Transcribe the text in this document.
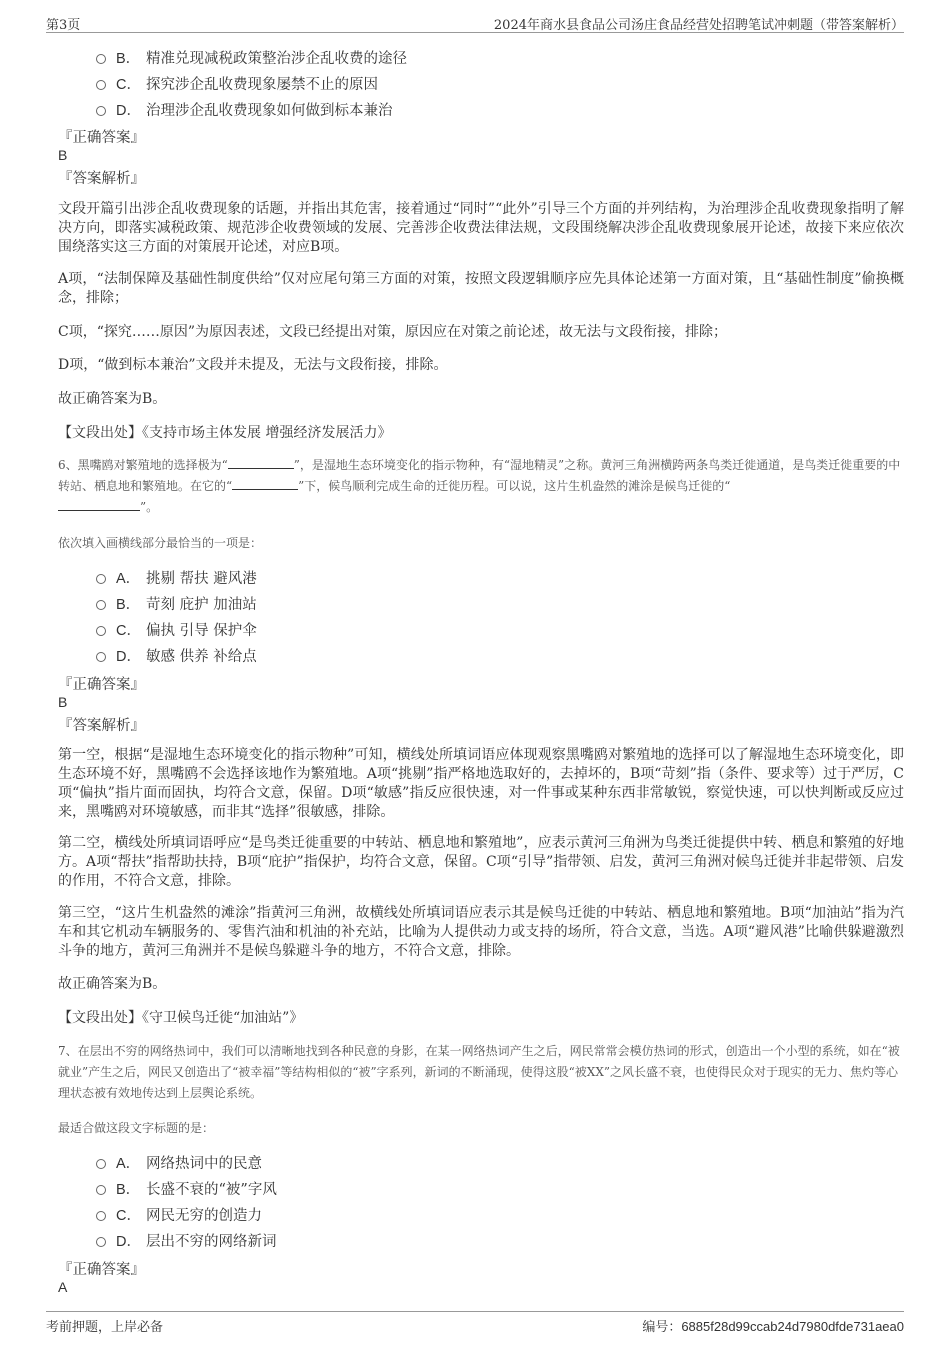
第3页	2024年商水县食品公司汤庄食品经营处招聘笔试冲刺题（带答案解析）
B． 精准兑现减税政策整治涉企乱收费的途径
C． 探究涉企乱收费现象屡禁不止的原因
D． 治理涉企乱收费现象如何做到标本兼治
『正确答案』
B
『答案解析』
文段开篇引出涉企乱收费现象的话题，并指出其危害，接着通过“同时”“此外”引导三个方面的并列结构，为治理涉企乱收费现象指明了解决方向，即落实减税政策、规范涉企收费领域的发展、完善涉企收费法律法规，文段围绕解决涉企乱收费现象展开论述，故接下来应依次围绕落实这三方面的对策展开论述，对应B项。
A项，“法制保障及基础性制度供给”仅对应尾句第三方面的对策，按照文段逻辑顺序应先具体论述第一方面对策，且“基础性制度”偷换概念，排除；
C项，“探究……原因”为原因表述，文段已经提出对策，原因应在对策之前论述，故无法与文段衔接，排除；
D项，“做到标本兼治”文段并未提及，无法与文段衔接，排除。
故正确答案为B。
【文段出处】《支持市场主体发展 增强经济发展活力》
6、黑嘴鸥对繁殖地的选择极为“	”，是湿地生态环境变化的指示物种，有“湿地精灵”之称。黄河三角洲横跨两条鸟类迁徙通道，是鸟类迁徙重要的中转站、栖息地和繁殖地。在它的“	”下，候鸟顺利完成生命的迁徙历程。可以说，这片生机盎然的滩涂是候鸟迁徙的“
”。
依次填入画横线部分最恰当的一项是：
A． 挑剔 帮扶 避风港
B． 苛刻 庇护 加油站
C． 偏执 引导 保护伞
D． 敏感 供养 补给点
『正确答案』
B
『答案解析』
第一空，根据“是湿地生态环境变化的指示物种”可知，横线处所填词语应体现观察黑嘴鸥对繁殖地的选择可以了解湿地生态环境变化，即生态环境不好，黑嘴鸥不会选择该地作为繁殖地。A项“挑剔”指严格地选取好的，去掉坏的，B项“苛刻”指（条件、要求等）过于严厉，C项“偏执”指片面而固执，均符合文意，保留。D项“敏感”指反应很快速，对一件事或某种东西非常敏锐，察觉快速，可以快判断或反应过来，黑嘴鸥对环境敏感，而非其“选择”很敏感，排除。
第二空，横线处所填词语呼应“是鸟类迁徙重要的中转站、栖息地和繁殖地”，应表示黄河三角洲为鸟类迁徙提供中转、栖息和繁殖的好地方。A项“帮扶”指帮助扶持，B项“庇护”指保护，均符合文意，保留。C项“引导”指带领、启发，黄河三角洲对候鸟迁徙并非起带领、启发的作用，不符合文意，排除。
第三空，“这片生机盎然的滩涂”指黄河三角洲，故横线处所填词语应表示其是候鸟迁徙的中转站、栖息地和繁殖地。B项“加油站”指为汽车和其它机动车辆服务的、零售汽油和机油的补充站，比喻为人提供动力或支持的场所，符合文意，当选。A项“避风港”比喻供躲避激烈斗争的地方，黄河三角洲并不是候鸟躲避斗争的地方，不符合文意，排除。
故正确答案为B。
【文段出处】《守卫候鸟迁徙“加油站”》
7、在层出不穷的网络热词中，我们可以清晰地找到各种民意的身影，在某一网络热词产生之后，网民常常会模仿热词的形式，创造出一个小型的系统，如在“被就业”产生之后，网民又创造出了“被幸福”等结构相似的“被”字系列，新词的不断涌现，使得这股“被XX”之风长盛不衰，也使得民众对于现实的无力、焦灼等心理状态被有效地传达到上层舆论系统。
最适合做这段文字标题的是：
A． 网络热词中的民意
B． 长盛不衰的“被”字风
C． 网民无穷的创造力
D． 层出不穷的网络新词
『正确答案』
A
考前押题，上岸必备	编号：6885f28d99ccab24d7980dfde731aea0
